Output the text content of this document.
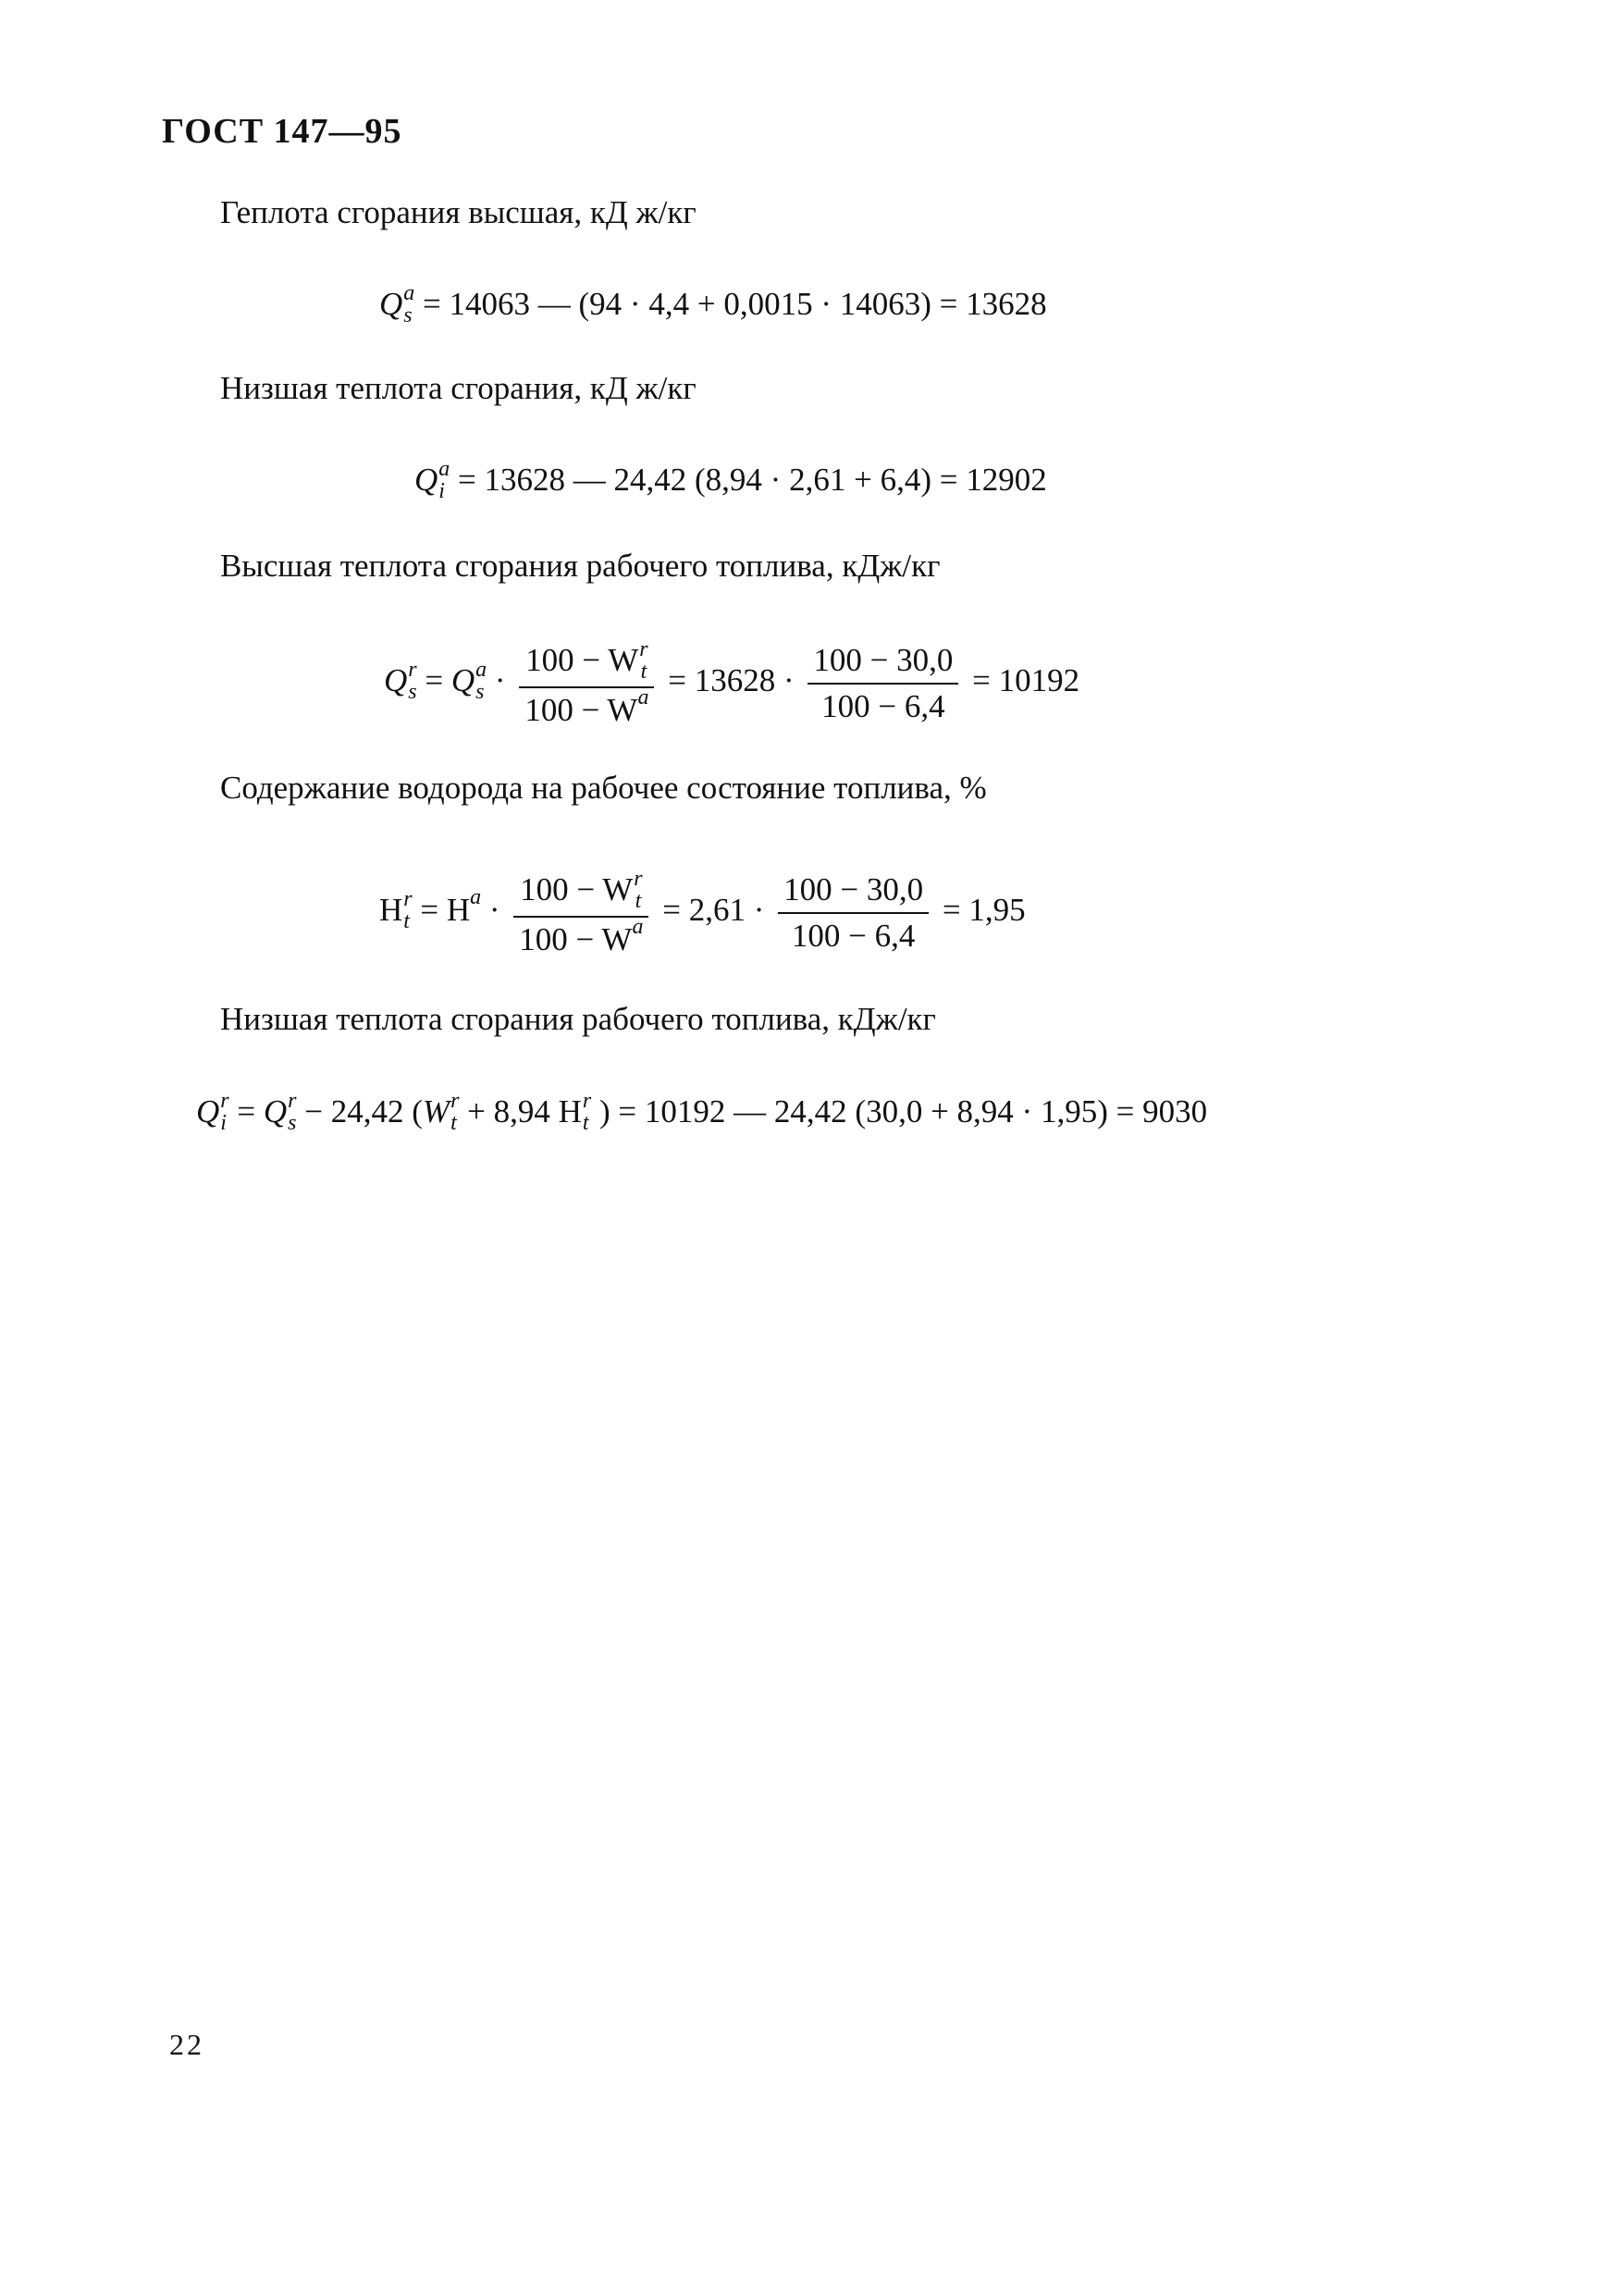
ГОСТ 147—95
Геплота сгорания высшая, кД ж/кг
Q a
s = 14063 — (94 · 4,4 + 0,0015 · 14063) = 13628
Низшая теплота сгорания, кД ж/кг
Q a
i = 13628 — 24,42 (8,94 · 2,61 + 6,4) = 12902
Высшая теплота сгорания рабочего топлива, кДж/кг
Q r
s = Q a
s · 100 − W r
t
$100 - W^a = 13628 \cdot \frac{100 - 30,0}{100 - 6,4} = 10192$
Содержание водорода на рабочее состояние топлива, %
H r
$t = H^a \cdot 100 - W$ r
t
$100 - W^a = 2,61 \cdot \frac{100 - 30,0}{100 - 6,4} = 1,95$
Низшая теплота сгорания рабочего топлива, кДж/кг
Q r
i = Q r
s − 24,42 (W r
t + 8,94 H r
t ) = 10192 — 24,42 (30,0 + 8,94 · 1,95) = 9030
22
